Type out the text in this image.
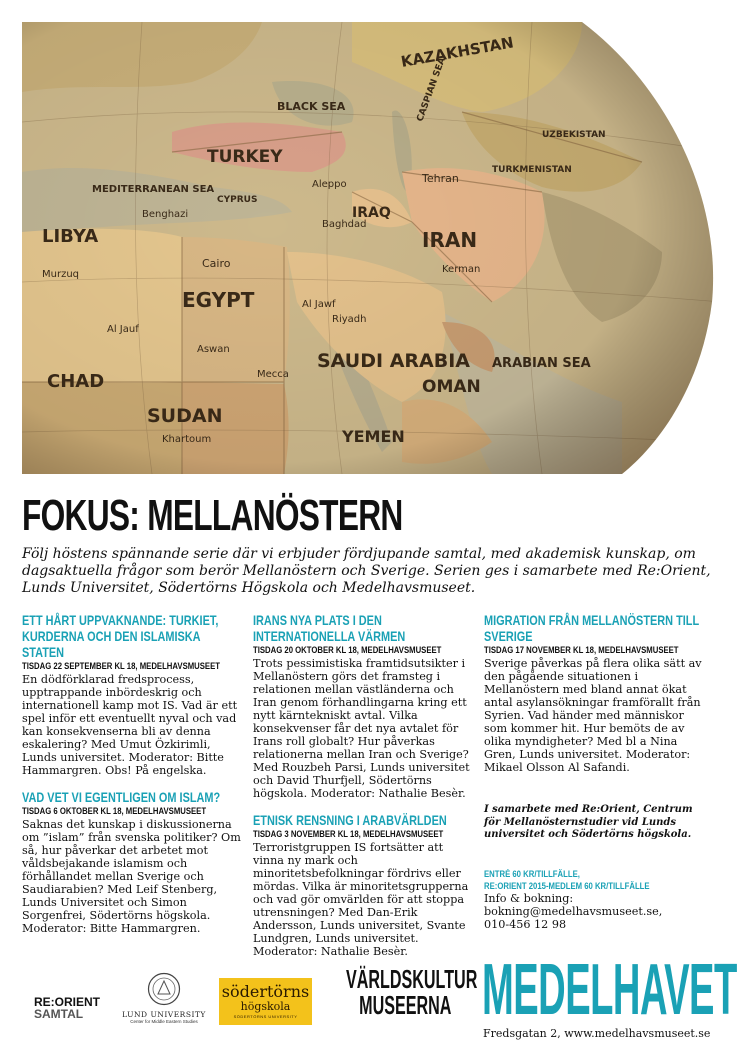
FOKUS: MELLANÖSTERN
Följ höstens spännande serie där vi erbjuder fördjupande samtal, med akademisk kunskap, om dagsaktuella frågor som berör Mellanöstern och Sverige. Serien ges i samarbete med Re:Orient, Lunds Universitet, Södertörns Högskola och Medelhavsmuseet.

ETT HÅRT UPPVAKNANDE: TURKIET, KURDERNA OCH DEN ISLAMISKA STATEN

TISDAG 22 SEPTEMBER KL 18, MEDELHAVSMUSEET

En dödförklarad fredsprocess, upptrappande inbördeskrig och internationell kamp mot IS. Vad är ett spel inför ett eventuellt nyval och vad kan konsekvenserna bli av denna eskalering? Med Umut Özkirimli, Lunds universitet. Moderator: Bitte Hammargren. Obs! På engelska.

VAD VET VI EGENTLIGEN OM ISLAM?

TISDAG 6 OKTOBER KL 18, MEDELHAVSMUSEET

Saknas det kunskap i diskussionerna om ”islam” från svenska politiker? Om så, hur påverkar det arbetet mot våldsbejakande islamism och förhållandet mellan Sverige och Saudiarabien? Med Leif Stenberg, Lunds Universitet och Simon Sorgenfrei, Södertörns högskola. Moderator: Bitte Hammargren.

IRANS NYA PLATS I DEN INTERNATIONELLA VÄRMEN

TISDAG 20 OKTOBER KL 18, MEDELHAVSMUSEET

Trots pessimistiska framtidsutsikter i Mellanöstern görs det framsteg i relationen mellan västländerna och Iran genom förhandlingarna kring ett nytt kärntekniskt avtal. Vilka konsekvenser får det nya avtalet för Irans roll globalt? Hur påverkas relationerna mellan Iran och Sverige? Med Rouzbeh Parsi, Lunds universitet och David Thurfjell, Södertörns högskola. Moderator: Nathalie Besèr.

ETNISK RENSNING I ARABVÄRLDEN

TISDAG 3 NOVEMBER KL 18, MEDELHAVSMUSEET

Terroristgruppen IS fortsätter att vinna ny mark och minoritetsbefolkningar fördrivs eller mördas. Vilka är minoritetsgrupperna och vad gör omvärlden för att stoppa utrensningen? Med Dan-Erik Andersson, Lunds universitet, Svante Lundgren, Lunds universitet. Moderator: Nathalie Besèr.

MIGRATION FRÅN MELLANÖSTERN TILL SVERIGE

TISDAG 17 NOVEMBER KL 18, MEDELHAVSMUSEET

Sverige påverkas på flera olika sätt av den pågående situationen i Mellanöstern med bland annat ökat antal asylansökningar framförallt från Syrien. Vad händer med människor som kommer hit. Hur bemöts de av olika myndigheter? Med bl a Nina Gren, Lunds universitet. Moderator: Mikael Olsson Al Safandi.

I samarbete med Re:Orient, Centrum för Mellanösternstudier vid Lunds universitet och Södertörns högskola.

ENTRÉ 60 KR/TILLFÄLLE,
RE:ORIENT 2015-MEDLEM 60 KR/TILLFÄLLE
Info & bokning:
bokning@medelhavsmuseet.se,
010-456 12 98
RE:ORIENT
SAMTAL	LUND UNIVERSITY
Center for Middle Eastern Studies
södertörns
högskola
SÖDERTÖRNS UNIVERSITY
VÄRLDSKULTUR
MUSEERNA MEDELHAVET
Fredsgatan 2, www.medelhavsmuseet.se
